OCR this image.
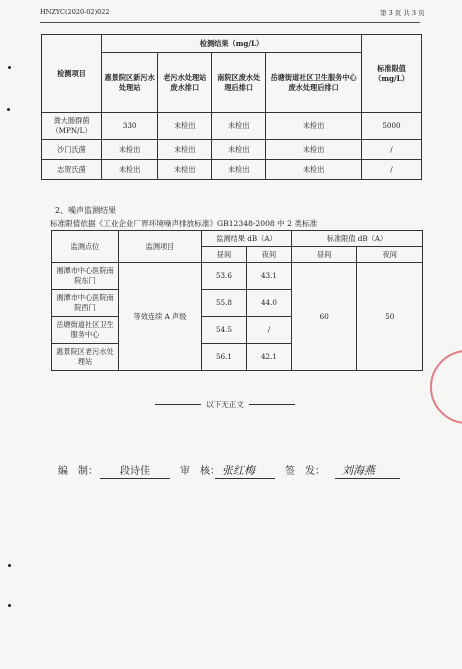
HNZYC(2020-02)022	第 3 页 共 3 页
检测项目	检测结果（mg/L）				标准限值（mg/L）
	惠景院区新污水处理站	老污水处理站废水排口	南院区废水处理后排口	岳塘街道社区卫生服务中心废水处理后排口	
粪大肠群菌（MPN/L）	330	未检出	未检出	未检出	5000
沙门氏菌	未检出	未检出	未检出	未检出	/
志贺氏菌	未检出	未检出	未检出	未检出	/
2、噪声监测结果
标准限值依据《工业企业厂界环境噪声排放标准》GB12348-2008 中 2 类标准
监测点位	监测项目	监测结果 dB（A）		标准限值 dB（A）	
		昼间	夜间	昼间	夜间
湘潭市中心医院南院东门	等效连续 A 声级	53.6	43.1	60	50
湘潭市中心医院南院西门		55.8	44.0		
岳塘街道社区卫生服务中心		54.5	/		
惠景院区老污水处理站		56.1	42.1		
以下无正文
编　制： 段诗佳	审　核： 张红梅	签　发： 刘海燕
